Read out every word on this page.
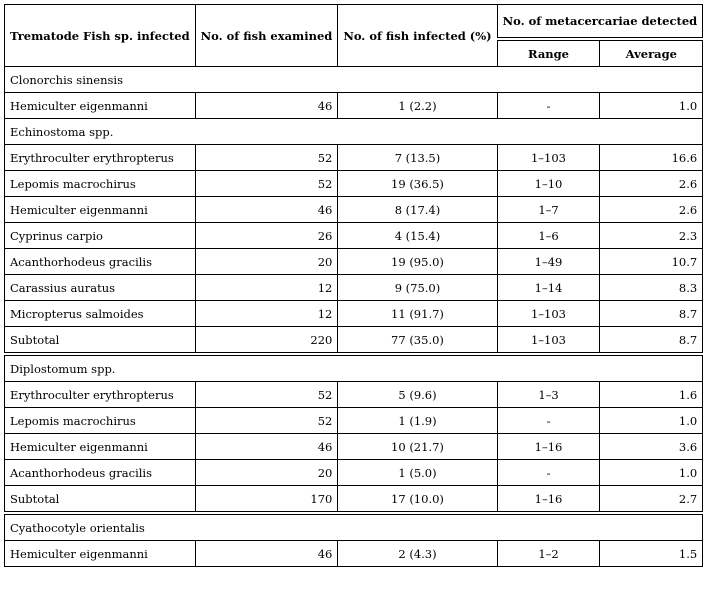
Trematode Fish sp. infected	No. of fish examined	No. of fish infected (%)	No. of metacercariae detected	
			Range	Average
Clonorchis sinensis				
Hemiculter eigenmanni	46	1 (2.2)	-	1.0
Echinostoma spp.				
Erythroculter erythropterus	52	7 (13.5)	1–103	16.6
Lepomis macrochirus	52	19 (36.5)	1–10	2.6
Hemiculter eigenmanni	46	8 (17.4)	1–7	2.6
Cyprinus carpio	26	4 (15.4)	1–6	2.3
Acanthorhodeus gracilis	20	19 (95.0)	1–49	10.7
Carassius auratus	12	9 (75.0)	1–14	8.3
Micropterus salmoides	12	11 (91.7)	1–103	8.7
Subtotal	220	77 (35.0)	1–103	8.7
Diplostomum spp.				
Erythroculter erythropterus	52	5 (9.6)	1–3	1.6
Lepomis macrochirus	52	1 (1.9)	-	1.0
Hemiculter eigenmanni	46	10 (21.7)	1–16	3.6
Acanthorhodeus gracilis	20	1 (5.0)	-	1.0
Subtotal	170	17 (10.0)	1–16	2.7
Cyathocotyle orientalis				
Hemiculter eigenmanni	46	2 (4.3)	1–2	1.5
